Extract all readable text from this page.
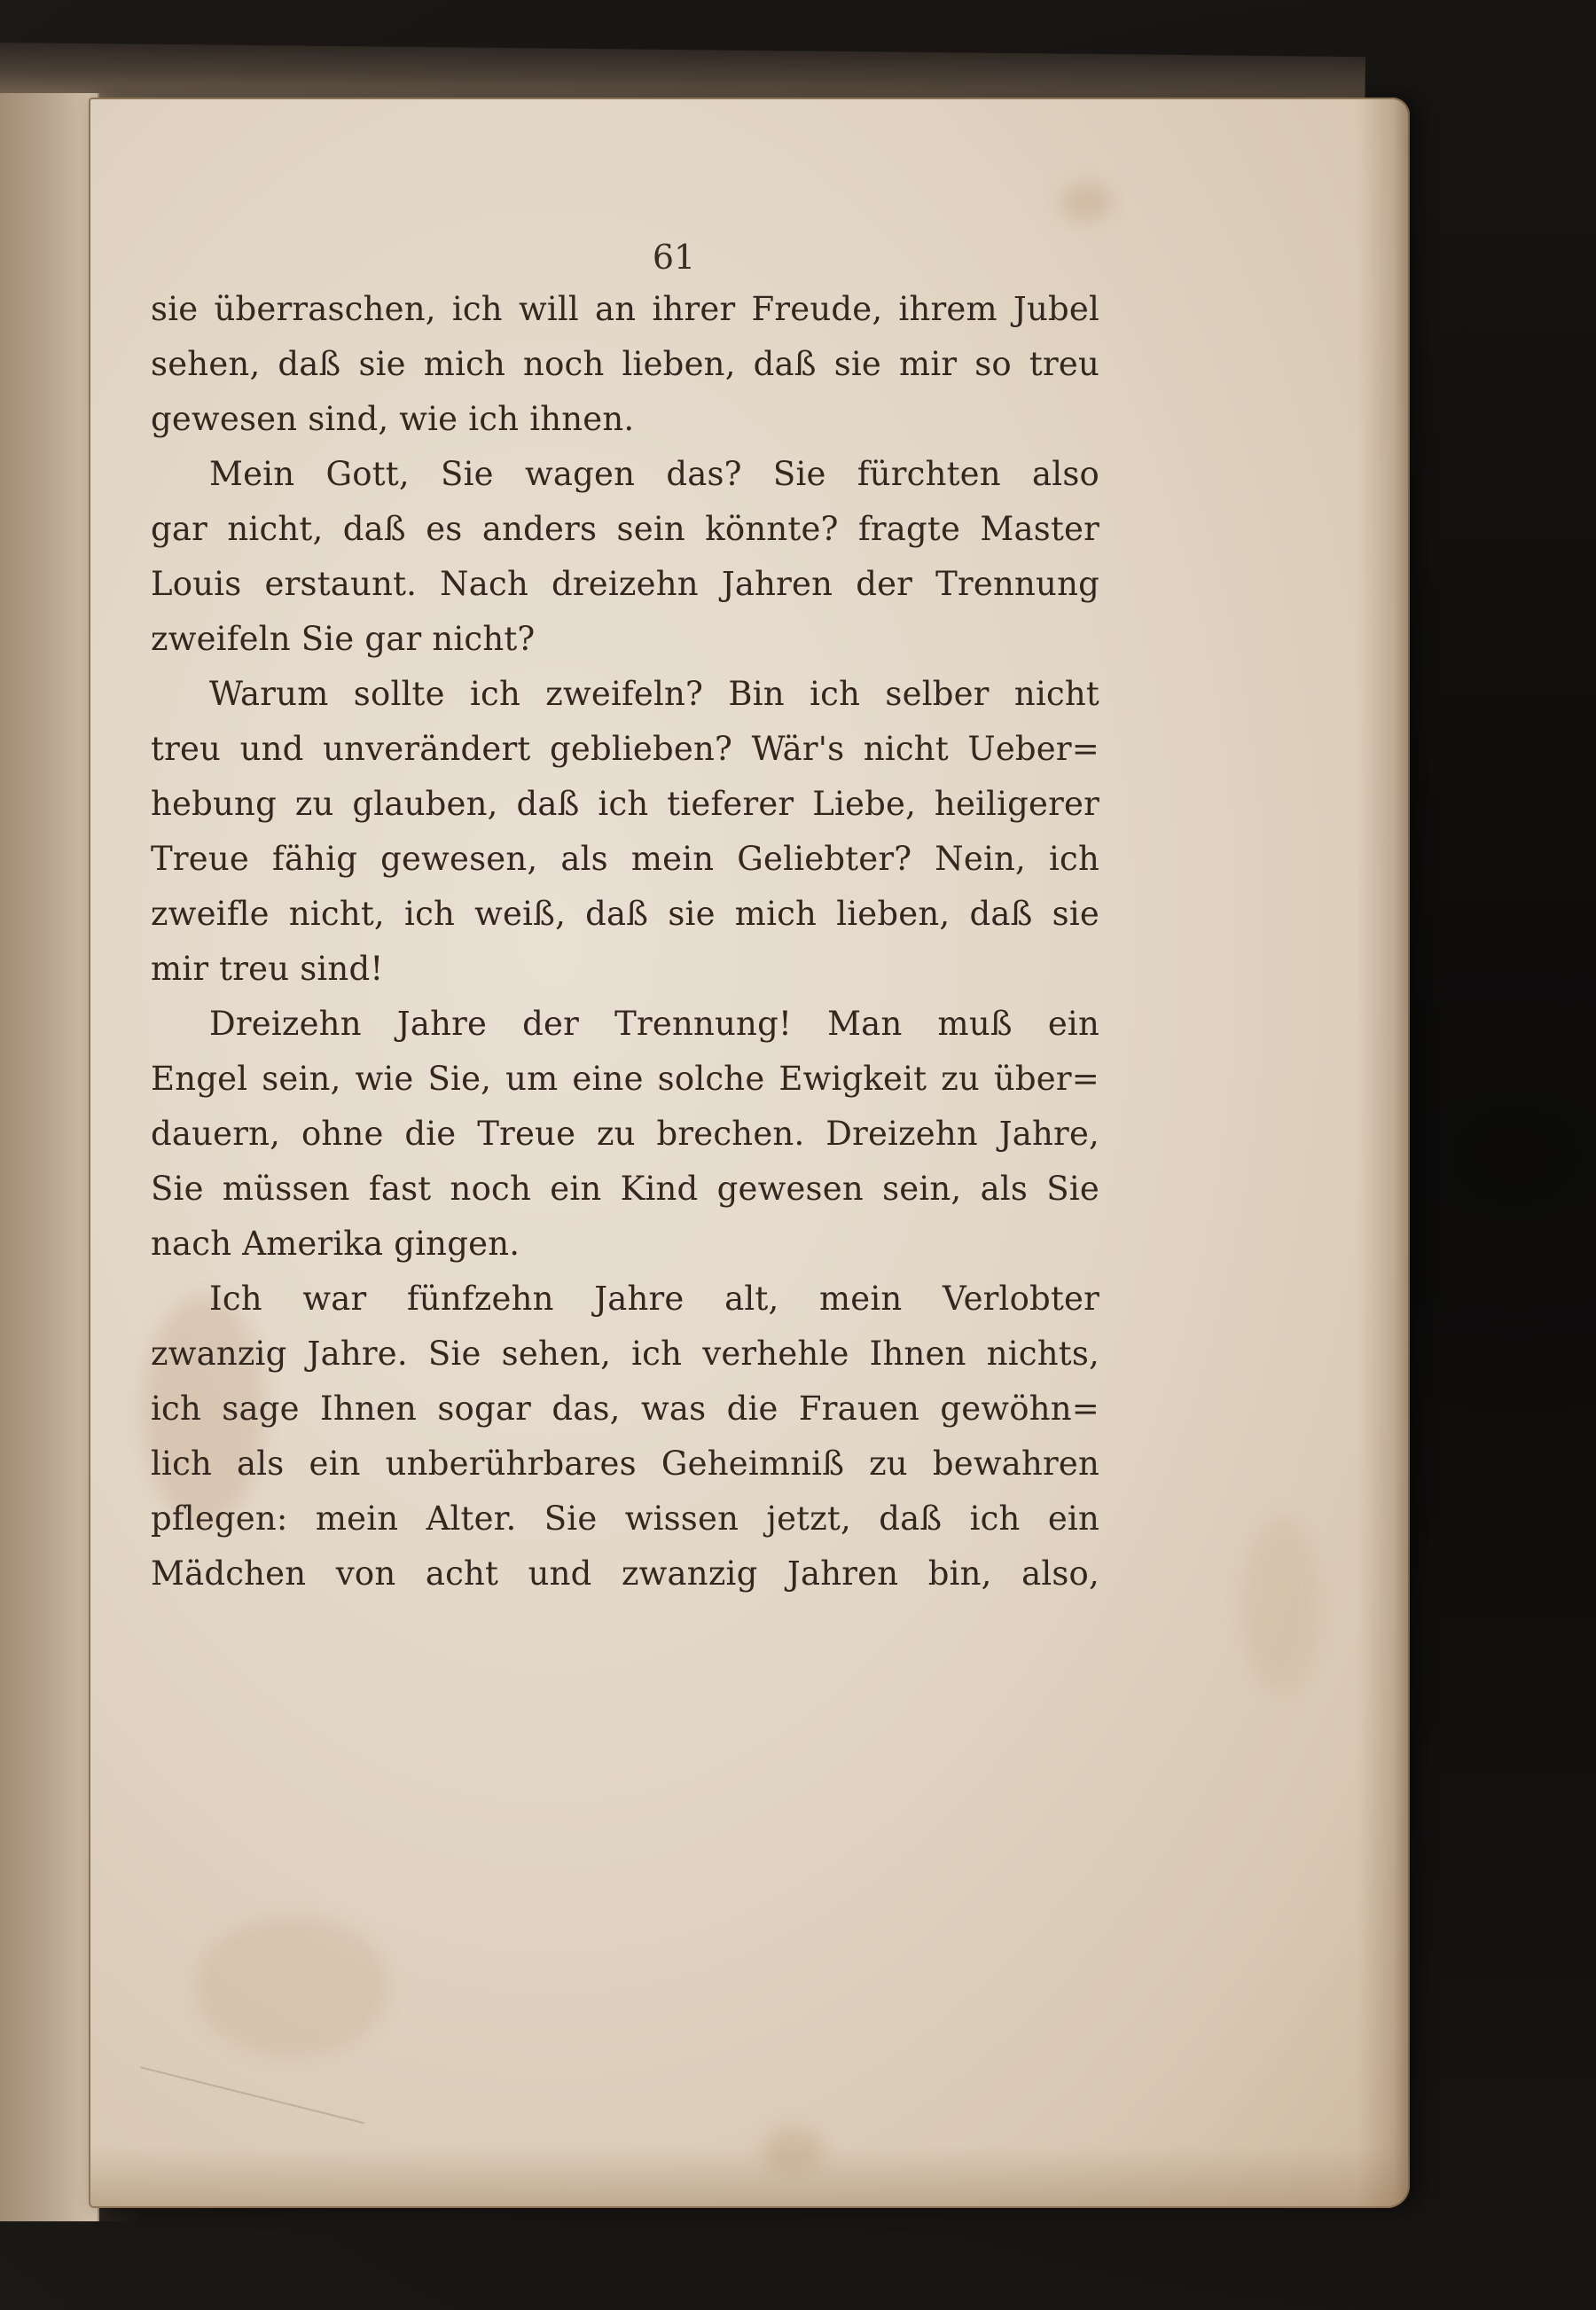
61
sie überraschen, ich will an ihrer Freude, ihrem Jubel
sehen, daß sie mich noch lieben, daß sie mir so treu
gewesen sind, wie ich ihnen.
Mein Gott, Sie wagen das? Sie fürchten also
gar nicht, daß es anders sein könnte? fragte Master
Louis erstaunt. Nach dreizehn Jahren der Trennung
zweifeln Sie gar nicht?
Warum sollte ich zweifeln? Bin ich selber nicht
treu und unverändert geblieben? Wär's nicht Ueber=
hebung zu glauben, daß ich tieferer Liebe, heiligerer
Treue fähig gewesen, als mein Geliebter? Nein, ich
zweifle nicht, ich weiß, daß sie mich lieben, daß sie
mir treu sind!
Dreizehn Jahre der Trennung! Man muß ein
Engel sein, wie Sie, um eine solche Ewigkeit zu über=
dauern, ohne die Treue zu brechen. Dreizehn Jahre,
Sie müssen fast noch ein Kind gewesen sein, als Sie
nach Amerika gingen.
Ich war fünfzehn Jahre alt, mein Verlobter
zwanzig Jahre. Sie sehen, ich verhehle Ihnen nichts,
ich sage Ihnen sogar das, was die Frauen gewöhn=
lich als ein unberührbares Geheimniß zu bewahren
pflegen: mein Alter. Sie wissen jetzt, daß ich ein
Mädchen von acht und zwanzig Jahren bin, also,
